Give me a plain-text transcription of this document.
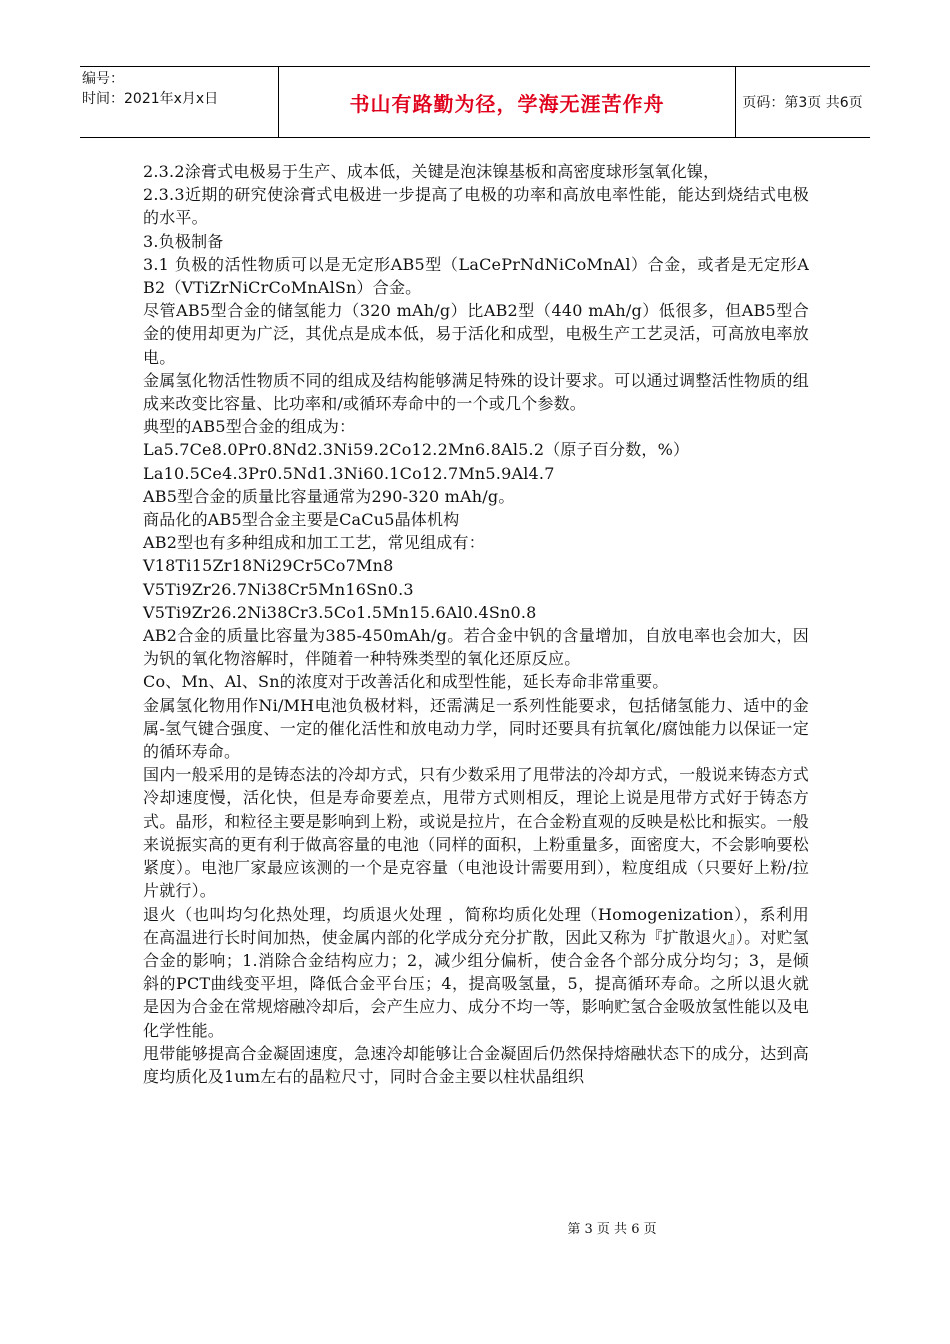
编号：
时间：2021年x月x日	书山有路勤为径，学海无涯苦作舟	页码：第3页 共6页

2.3.2涂膏式电极易于生产、成本低，关键是泡沫镍基板和高密度球形氢氧化镍，

2.3.3近期的研究使涂膏式电极进一步提高了电极的功率和高放电率性能，能达到烧结式电极的水平。

3.负极制备

3.1 负极的活性物质可以是无定形AB5型（LaCePrNdNiCoMnAl）合金，或者是无定形AB2（VTiZrNiCrCoMnAlSn）合金。

尽管AB5型合金的储氢能力（320 mAh/g）比AB2型（440 mAh/g）低很多，但AB5型合金的使用却更为广泛，其优点是成本低，易于活化和成型，电极生产工艺灵活，可高放电率放电。

金属氢化物活性物质不同的组成及结构能够满足特殊的设计要求。可以通过调整活性物质的组成来改变比容量、比功率和/或循环寿命中的一个或几个参数。

典型的AB5型合金的组成为：

La5.7Ce8.0Pr0.8Nd2.3Ni59.2Co12.2Mn6.8Al5.2（原子百分数，%）

La10.5Ce4.3Pr0.5Nd1.3Ni60.1Co12.7Mn5.9Al4.7

AB5型合金的质量比容量通常为290-320 mAh/g。

商品化的AB5型合金主要是CaCu5晶体机构

AB2型也有多种组成和加工工艺，常见组成有：

V18Ti15Zr18Ni29Cr5Co7Mn8

V5Ti9Zr26.7Ni38Cr5Mn16Sn0.3

V5Ti9Zr26.2Ni38Cr3.5Co1.5Mn15.6Al0.4Sn0.8

AB2合金的质量比容量为385-450mAh/g。若合金中钒的含量增加，自放电率也会加大，因为钒的氧化物溶解时，伴随着一种特殊类型的氧化还原反应。

Co、Mn、Al、Sn的浓度对于改善活化和成型性能，延长寿命非常重要。

金属氢化物用作Ni/MH电池负极材料，还需满足一系列性能要求，包括储氢能力、适中的金属-氢气键合强度、一定的催化活性和放电动力学，同时还要具有抗氧化/腐蚀能力以保证一定的循环寿命。

国内一般采用的是铸态法的冷却方式，只有少数采用了甩带法的冷却方式，一般说来铸态方式冷却速度慢，活化快，但是寿命要差点，甩带方式则相反，理论上说是甩带方式好于铸态方式。晶形，和粒径主要是影响到上粉，或说是拉片，在合金粉直观的反映是松比和振实。一般来说振实高的更有利于做高容量的电池（同样的面积，上粉重量多，面密度大，不会影响要松紧度）。电池厂家最应该测的一个是克容量（电池设计需要用到），粒度组成（只要好上粉/拉片就行）。

退火（也叫均匀化热处理，均质退火处理 ，简称均质化处理（Homogenization），系利用在高温进行长时间加热，使金属内部的化学成分充分扩散，因此又称为『扩散退火』）。对贮氢合金的影响；1.消除合金结构应力；2，减少组分偏析，使合金各个部分成分均匀；3，是倾斜的PCT曲线变平坦，降低合金平台压；4，提高吸氢量，5，提高循环寿命。之所以退火就是因为合金在常规熔融冷却后，会产生应力、成分不均一等，影响贮氢合金吸放氢性能以及电化学性能。

甩带能够提高合金凝固速度，急速冷却能够让合金凝固后仍然保持熔融状态下的成分，达到高度均质化及1um左右的晶粒尺寸，同时合金主要以柱状晶组织

第 3 页 共 6 页
